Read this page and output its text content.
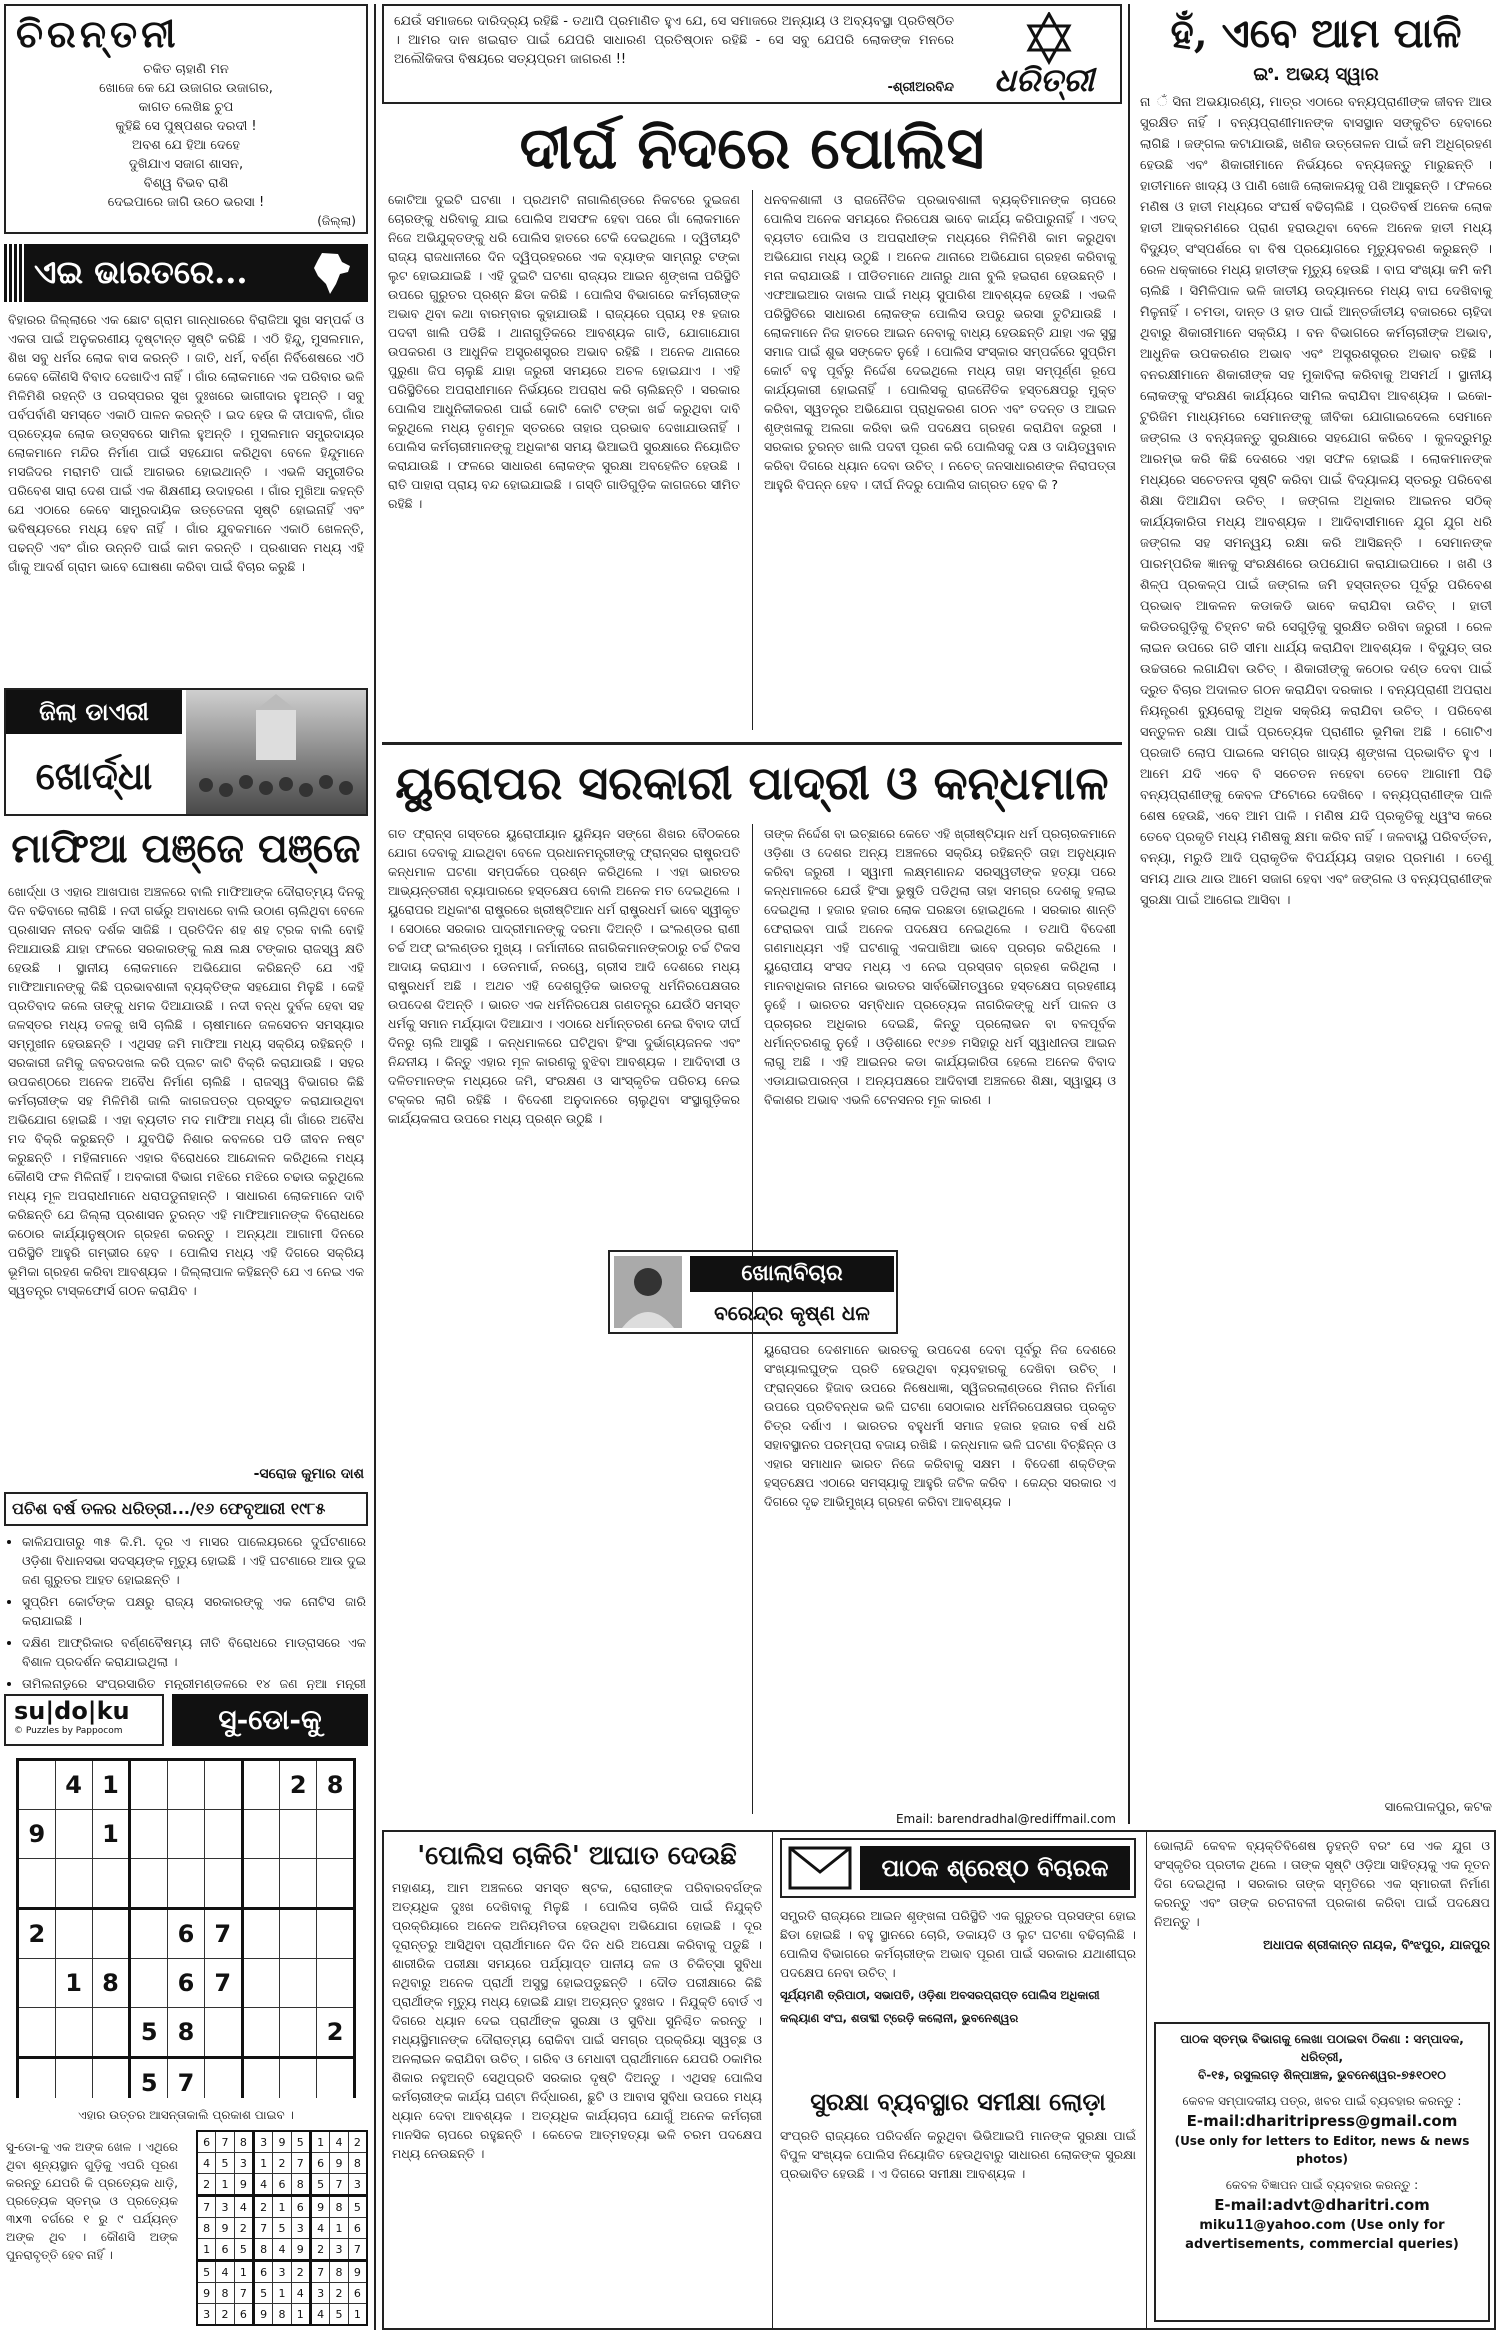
ଚିରନ୍ତନୀ
ଚକିତ ଚାହାଣି ମନ
ଖୋଜେ କେ ଯେ ଉଜାଗର ଉଜାଗର,
କାଗତ ଲେଖିଛ ଚୁପ
କୁହିଛି ସେ ପୁଷ୍ପଶର ଦରଦୀ !
ଅବଶ ଯେ ହିଆ ଦେହେ
ଦୁଖିଯାଏ ସଜାଗ ଶାସନ,
ବିଶ୍ୱ ବିଭବ ରାଶି
ଦେଇପାରେ ଜାଗି ଉଠେ ଭରସା !
(ଜିଲ୍ଲା)
ଏଇ ଭାରତରେ...

ବିହାରର ଜିଲ୍ଲାରେ ଏକ ଛୋଟ ଗ୍ରାମ ଗାନ୍ଧାରରେ ବିରାଜିଆ ସୁଖ ସମ୍ପର୍କ ଓ ଏକତା ପାଇଁ ଅନୁକରଣୀୟ ଦୃଷ୍ଟାନ୍ତ ସୃଷ୍ଟି କରିଛି । ଏଠି ହିନ୍ଦୁ, ମୁସଲମାନ, ଶିଖ ସବୁ ଧର୍ମର ଲୋକ ବାସ କରନ୍ତି । ଜାତି, ଧର୍ମ, ବର୍ଣ୍ଣ ନିର୍ବିଶେଷରେ ଏଠି କେବେ କୌଣସି ବିବାଦ ଦେଖାଦିଏ ନାହିଁ । ଗାଁର ଲୋକମାନେ ଏକ ପରିବାର ଭଳି ମିଳିମିଶି ରହନ୍ତି ଓ ପରସ୍ପରର ସୁଖ ଦୁଃଖରେ ଭାଗୀଦାର ହୁଅନ୍ତି । ସବୁ ପର୍ବପର୍ବାଣି ସମସ୍ତେ ଏକାଠି ପାଳନ କରନ୍ତି । ଇଦ ହେଉ କି ଦୀପାବଳି, ଗାଁର ପ୍ରତ୍ୟେକ ଲୋକ ଉତ୍ସବରେ ସାମିଲ ହୁଅନ୍ତି । ମୁସଲମାନ ସମ୍ପ୍ରଦାୟର ଲୋକମାନେ ମନ୍ଦିର ନିର୍ମାଣ ପାଇଁ ସହଯୋଗ କରିଥିବା ବେଳେ ହିନ୍ଦୁମାନେ ମସଜିଦର ମରାମତି ପାଇଁ ଆଗଭର ହୋଇଥାନ୍ତି । ଏଭଳି ସମ୍ପ୍ରୀତିର ପରିବେଶ ସାରା ଦେଶ ପାଇଁ ଏକ ଶିକ୍ଷଣୀୟ ଉଦାହରଣ । ଗାଁର ମୁଖିଆ କହନ୍ତି ଯେ ଏଠାରେ କେବେ ସାମ୍ପ୍ରଦାୟିକ ଉତ୍ତେଜନା ସୃଷ୍ଟି ହୋଇନାହିଁ ଏବଂ ଭବିଷ୍ୟତରେ ମଧ୍ୟ ହେବ ନାହିଁ । ଗାଁର ଯୁବକମାନେ ଏକାଠି ଖେଳନ୍ତି, ପଢନ୍ତି ଏବଂ ଗାଁର ଉନ୍ନତି ପାଇଁ କାମ କରନ୍ତି । ପ୍ରଶାସନ ମଧ୍ୟ ଏହି ଗାଁକୁ ଆଦର୍ଶ ଗ୍ରାମ ଭାବେ ଘୋଷଣା କରିବା ପାଇଁ ବିଚାର କରୁଛି ।

ଜିଲା ଡାଏରୀ
ଖୋର୍ଦ୍ଧା
ମାଫିଆ ପଞ୍ଜେ ପଞ୍ଜେ

ଖୋର୍ଦ୍ଧା ଓ ଏହାର ଆଖପାଖ ଅଞ୍ଚଳରେ ବାଲି ମାଫିଆଙ୍କ ଦୌରାତ୍ମ୍ୟ ଦିନକୁ ଦିନ ବଢିବାରେ ଲାଗିଛି । ନଦୀ ଗର୍ଭରୁ ଅବାଧରେ ବାଲି ଉଠାଣ ଚାଲିଥିବା ବେଳେ ପ୍ରଶାସନ ନୀରବ ଦର୍ଶକ ସାଜିଛି । ପ୍ରତିଦିନ ଶହ ଶହ ଟ୍ରକ ବାଲି ବୋହି ନିଆଯାଉଛି ଯାହା ଫଳରେ ସରକାରଙ୍କୁ ଲକ୍ଷ ଲକ୍ଷ ଟଙ୍କାର ରାଜସ୍ୱ କ୍ଷତି ହେଉଛି । ସ୍ଥାନୀୟ ଲୋକମାନେ ଅଭିଯୋଗ କରିଛନ୍ତି ଯେ ଏହି ମାଫିଆମାନଙ୍କୁ କିଛି ପ୍ରଭାବଶାଳୀ ବ୍ୟକ୍ତିଙ୍କ ସହଯୋଗ ମିଳୁଛି । କେହି ପ୍ରତିବାଦ କଲେ ତାଙ୍କୁ ଧମକ ଦିଆଯାଉଛି । ନଦୀ ବନ୍ଧ ଦୁର୍ବଳ ହେବା ସହ ଜଳସ୍ତର ମଧ୍ୟ ତଳକୁ ଖସି ଚାଲିଛି । ଚାଷୀମାନେ ଜଳସେଚନ ସମସ୍ୟାର ସମ୍ମୁଖୀନ ହେଉଛନ୍ତି । ଏଥିସହ ଜମି ମାଫିଆ ମଧ୍ୟ ସକ୍ରିୟ ରହିଛନ୍ତି । ସରକାରୀ ଜମିକୁ ଜବରଦଖଲ କରି ପ୍ଲଟ କାଟି ବିକ୍ରି କରାଯାଉଛି । ସହର ଉପକଣ୍ଠରେ ଅନେକ ଅବୈଧ ନିର୍ମାଣ ଚାଲିଛି । ରାଜସ୍ୱ ବିଭାଗର କିଛି କର୍ମଚାରୀଙ୍କ ସହ ମିଳିମିଶି ଜାଲି କାଗଜପତ୍ର ପ୍ରସ୍ତୁତ କରାଯାଉଥିବା ଅଭିଯୋଗ ହୋଇଛି । ଏହା ବ୍ୟତୀତ ମଦ ମାଫିଆ ମଧ୍ୟ ଗାଁ ଗାଁରେ ଅବୈଧ ମଦ ବିକ୍ରି କରୁଛନ୍ତି । ଯୁବପିଢି ନିଶାର କବଳରେ ପଡି ଜୀବନ ନଷ୍ଟ କରୁଛନ୍ତି । ମହିଳାମାନେ ଏହାର ବିରୋଧରେ ଆନ୍ଦୋଳନ କରିଥିଲେ ମଧ୍ୟ କୌଣସି ଫଳ ମିଳିନାହିଁ । ଅବକାରୀ ବିଭାଗ ମଝିରେ ମଝିରେ ଚଢାଉ କରୁଥିଲେ ମଧ୍ୟ ମୂଳ ଅପରାଧୀମାନେ ଧରାପଡୁନାହାନ୍ତି । ସାଧାରଣ ଲୋକମାନେ ଦାବି କରିଛନ୍ତି ଯେ ଜିଲ୍ଲା ପ୍ରଶାସନ ତୁରନ୍ତ ଏହି ମାଫିଆମାନଙ୍କ ବିରୋଧରେ କଠୋର କାର୍ଯ୍ୟାନୁଷ୍ଠାନ ଗ୍ରହଣ କରନ୍ତୁ । ଅନ୍ୟଥା ଆଗାମୀ ଦିନରେ ପରିସ୍ଥିତି ଆହୁରି ଗମ୍ଭୀର ହେବ । ପୋଲିସ ମଧ୍ୟ ଏହି ଦିଗରେ ସକ୍ରିୟ ଭୂମିକା ଗ୍ରହଣ କରିବା ଆବଶ୍ୟକ । ଜିଲ୍ଲାପାଳ କହିଛନ୍ତି ଯେ ଏ ନେଇ ଏକ ସ୍ୱତନ୍ତ୍ର ଟାସ୍କଫୋର୍ସ ଗଠନ କରାଯିବ ।

-ସରୋଜ କୁମାର ଦାଶ
ପଚିଶ ବର୍ଷ ତଳର ଧରିତ୍ରୀ.../୧୬ ଫେବୃଆରୀ ୧୯୮୫
• କାଳିଯପାତାରୁ ୩୫ କି.ମି. ଦୂର ଏ ମାସର ପାଲେୟରରେ ଦୁର୍ଘଟଣାରେ ଓଡ଼ିଶା ବିଧାନସଭା ସଦସ୍ୟଙ୍କ ମୃତ୍ୟୁ ହୋଇଛି । ଏହି ଘଟଣାରେ ଆଉ ଦୁଇ ଜଣ ଗୁରୁତର ଆହତ ହୋଇଛନ୍ତି ।
• ସୁପ୍ରିମ କୋର୍ଟଙ୍କ ପକ୍ଷରୁ ରାଜ୍ୟ ସରକାରଙ୍କୁ ଏକ ନୋଟିସ ଜାରି କରାଯାଇଛି ।
• ଦକ୍ଷିଣ ଆଫ୍ରିକାର ବର୍ଣ୍ଣବୈଷମ୍ୟ ନୀତି ବିରୋଧରେ ମାଡ୍ରାସରେ ଏକ ବିଶାଳ ପ୍ରଦର୍ଶନ କରାଯାଇଥିଲା ।
• ତାମିଲନାଡୁରେ ସଂପ୍ରସାରିତ ମନ୍ତ୍ରୀମଣ୍ଡଳରେ ୧୪ ଜଣ ନୂଆ ମନ୍ତ୍ରୀ
su|do|ku
© Puzzles by Pappocom	ସୁ-ଡୋ-କୁ
	4	1					2	8
9		1						

2				6	7			
	1	8		6	7			
			5	8				2
			5	7				

ଏହାର ଉତ୍ତର ଆସନ୍ତାକାଲି ପ୍ରକାଶ ପାଇବ ।

ସୁ-ଡୋ-କୁ ଏକ ଅଙ୍କ ଖେଳ । ଏଥିରେ ଥିବା ଶୂନ୍ୟସ୍ଥାନ ଗୁଡ଼ିକୁ ଏପରି ପୂରଣ କରନ୍ତୁ ଯେପରି କି ପ୍ରତ୍ୟେକ ଧାଡ଼ି, ପ୍ରତ୍ୟେକ ସ୍ତମ୍ଭ ଓ ପ୍ରତ୍ୟେକ ୩x୩ ବର୍ଗରେ ୧ ରୁ ୯ ପର୍ଯ୍ୟନ୍ତ ଅଙ୍କ ଥିବ । କୌଣସି ଅଙ୍କ ପୁନରାବୃତ୍ତି ହେବ ନାହିଁ ।

6	7	8	3	9	5	1	4	2
4	5	3	1	2	7	6	9	8
2	1	9	4	6	8	5	7	3
7	3	4	2	1	6	9	8	5
8	9	2	7	5	3	4	1	6
1	6	5	8	4	9	2	3	7
5	4	1	6	3	2	7	8	9
9	8	7	5	1	4	3	2	6
3	2	6	9	8	1	4	5	1
ଯେଉଁ ସମାଜରେ ଦାରିଦ୍ର୍ୟ ରହିଛି - ତଥାପି ପ୍ରମାଣିତ ହୁଏ ଯେ, ସେ ସମାଜରେ ଅନ୍ୟାୟ ଓ ଅବ୍ୟବସ୍ଥା ପ୍ରତିଷ୍ଠିତ । ଆମର ଦାନ ଖଇରାତ ପାଇଁ ଯେପରି ସାଧାରଣ ପ୍ରତିଷ୍ଠାନ ରହିଛି - ସେ ସବୁ ଯେପରି ଲୋକଙ୍କ ମନରେ ଅଲୌକିକତା ବିଷୟରେ ସତ୍ୟପ୍ରମ ଜାଗରଣ !!
-ଶ୍ରୀଅରବିନ୍ଦ	ଧରିତ୍ରୀ
ଦୀର୍ଘ ନିଦରେ ପୋଲିସ

କୋଟିଆ ଦୁଇଟି ଘଟଣା । ପ୍ରଥମଟି ନାଗାଲିଣ୍ଡରେ ନିକଟରେ ଦୁଇଜଣ ଚୋରଙ୍କୁ ଧରିବାକୁ ଯାଇ ପୋଲିସ ଅସଫଳ ହେବା ପରେ ଗାଁ ଲୋକମାନେ ନିଜେ ଅଭିଯୁକ୍ତଙ୍କୁ ଧରି ପୋଲିସ ହାତରେ ଟେକି ଦେଇଥିଲେ । ଦ୍ୱିତୀୟଟି ରାଜ୍ୟ ରାଜଧାନୀରେ ଦିନ ଦ୍ୱିପ୍ରହରରେ ଏକ ବ୍ୟାଙ୍କ ସାମ୍ନାରୁ ଟଙ୍କା ଲୁଟ ହୋଇଯାଇଛି । ଏହି ଦୁଇଟି ଘଟଣା ରାଜ୍ୟର ଆଇନ ଶୃଙ୍ଖଳା ପରିସ୍ଥିତି ଉପରେ ଗୁରୁତର ପ୍ରଶ୍ନ ଛିଡା କରିଛି । ପୋଲିସ ବିଭାଗରେ କର୍ମଚାରୀଙ୍କ ଅଭାବ ଥିବା କଥା ବାରମ୍ବାର କୁହାଯାଉଛି । ରାଜ୍ୟରେ ପ୍ରାୟ ୧୫ ହଜାର ପଦବୀ ଖାଲି ପଡିଛି । ଥାନାଗୁଡ଼ିକରେ ଆବଶ୍ୟକ ଗାଡି, ଯୋଗାଯୋଗ ଉପକରଣ ଓ ଆଧୁନିକ ଅସ୍ତ୍ରଶସ୍ତ୍ରର ଅଭାବ ରହିଛି । ଅନେକ ଥାନାରେ ପୁରୁଣା ଜିପ ଚାଲୁଛି ଯାହା ଜରୁରୀ ସମୟରେ ଅଚଳ ହୋଇଯାଏ । ଏହି ପରିସ୍ଥିତିରେ ଅପରାଧୀମାନେ ନିର୍ଭୟରେ ଅପରାଧ କରି ଚାଲିଛନ୍ତି । ସରକାର ପୋଲିସ ଆଧୁନିକୀକରଣ ପାଇଁ କୋଟି କୋଟି ଟଙ୍କା ଖର୍ଚ୍ଚ କରୁଥିବା ଦାବି କରୁଥିଲେ ମଧ୍ୟ ତୃଣମୂଳ ସ୍ତରରେ ତାହାର ପ୍ରଭାବ ଦେଖାଯାଉନାହିଁ । ପୋଲିସ କର୍ମଚାରୀମାନଙ୍କୁ ଅଧିକାଂଶ ସମୟ ଭିଆଇପି ସୁରକ୍ଷାରେ ନିୟୋଜିତ କରାଯାଉଛି । ଫଳରେ ସାଧାରଣ ଲୋକଙ୍କ ସୁରକ୍ଷା ଅବହେଳିତ ହେଉଛି । ରାତି ପାହାରା ପ୍ରାୟ ବନ୍ଦ ହୋଇଯାଇଛି । ଗସ୍ତି ଗାଡିଗୁଡ଼ିକ କାଗଜରେ ସୀମିତ ରହିଛି ।

ଧନବଳଶାଳୀ ଓ ରାଜନୈତିକ ପ୍ରଭାବଶାଳୀ ବ୍ୟକ୍ତିମାନଙ୍କ ଚାପରେ ପୋଲିସ ଅନେକ ସମୟରେ ନିରପେକ୍ଷ ଭାବେ କାର୍ଯ୍ୟ କରିପାରୁନାହିଁ । ଏତଦ୍ ବ୍ୟତୀତ ପୋଲିସ ଓ ଅପରାଧୀଙ୍କ ମଧ୍ୟରେ ମିଳିମିଶି କାମ କରୁଥିବା ଅଭିଯୋଗ ମଧ୍ୟ ଉଠୁଛି । ଅନେକ ଥାନାରେ ଅଭିଯୋଗ ଗ୍ରହଣ କରିବାକୁ ମନା କରାଯାଉଛି । ପୀଡିତମାନେ ଥାନାରୁ ଥାନା ବୁଲି ହଇରାଣ ହେଉଛନ୍ତି । ଏଫଆଇଆର ଦାଖଲ ପାଇଁ ମଧ୍ୟ ସୁପାରିଶ ଆବଶ୍ୟକ ହେଉଛି । ଏଭଳି ପରିସ୍ଥିତିରେ ସାଧାରଣ ଲୋକଙ୍କ ପୋଲିସ ଉପରୁ ଭରସା ତୁଟିଯାଉଛି । ଲୋକମାନେ ନିଜ ହାତରେ ଆଇନ ନେବାକୁ ବାଧ୍ୟ ହେଉଛନ୍ତି ଯାହା ଏକ ସୁସ୍ଥ ସମାଜ ପାଇଁ ଶୁଭ ସଙ୍କେତ ନୁହେଁ । ପୋଲିସ ସଂସ୍କାର ସମ୍ପର୍କରେ ସୁପ୍ରିମ କୋର୍ଟ ବହୁ ପୂର୍ବରୁ ନିର୍ଦ୍ଦେଶ ଦେଇଥିଲେ ମଧ୍ୟ ତାହା ସମ୍ପୂର୍ଣ୍ଣ ରୂପେ କାର୍ଯ୍ୟକାରୀ ହୋଇନାହିଁ । ପୋଲିସକୁ ରାଜନୈତିକ ହସ୍ତକ୍ଷେପରୁ ମୁକ୍ତ କରିବା, ସ୍ୱତନ୍ତ୍ର ଅଭିଯୋଗ ପ୍ରାଧିକରଣ ଗଠନ ଏବଂ ତଦନ୍ତ ଓ ଆଇନ ଶୃଙ୍ଖଳାକୁ ଅଲଗା କରିବା ଭଳି ପଦକ୍ଷେପ ଗ୍ରହଣ କରାଯିବା ଜରୁରୀ । ସରକାର ତୁରନ୍ତ ଖାଲି ପଦବୀ ପୂରଣ କରି ପୋଲିସକୁ ଦକ୍ଷ ଓ ଦାୟିତ୍ୱବାନ କରିବା ଦିଗରେ ଧ୍ୟାନ ଦେବା ଉଚିତ୍ । ନଚେତ୍ ଜନସାଧାରଣଙ୍କ ନିରାପତ୍ତା ଆହୁରି ବିପନ୍ନ ହେବ । ଦୀର୍ଘ ନିଦରୁ ପୋଲିସ ଜାଗ୍ରତ ହେବ କି ?

ୟୁରୋପର ସରକାରୀ ପାଦ୍ରୀ ଓ କନ୍ଧମାଳ

ଗତ ଫ୍ରାନ୍ସ ଗସ୍ତରେ ୟୁରୋପୀୟାନ ୟୁନିୟନ ସଙ୍ଗେ ଶିଖର ବୈଠକରେ ଯୋଗ ଦେବାକୁ ଯାଇଥିବା ବେଳେ ପ୍ରଧାନମନ୍ତ୍ରୀଙ୍କୁ ଫ୍ରାନ୍ସର ରାଷ୍ଟ୍ରପତି କନ୍ଧମାଳ ଘଟଣା ସମ୍ପର୍କରେ ପ୍ରଶ୍ନ କରିଥିଲେ । ଏହା ଭାରତର ଆଭ୍ୟନ୍ତରୀଣ ବ୍ୟାପାରରେ ହସ୍ତକ୍ଷେପ ବୋଲି ଅନେକ ମତ ଦେଇଥିଲେ । ୟୁରୋପର ଅଧିକାଂଶ ରାଷ୍ଟ୍ରରେ ଖ୍ରୀଷ୍ଟିଆନ ଧର୍ମ ରାଷ୍ଟ୍ରଧର୍ମ ଭାବେ ସ୍ୱୀକୃତ । ସେଠାରେ ସରକାର ପାଦ୍ରୀମାନଙ୍କୁ ଦରମା ଦିଅନ୍ତି । ଇଂଲଣ୍ଡର ରାଣୀ ଚର୍ଚ୍ଚ ଅଫ୍ ଇଂଲଣ୍ଡର ମୁଖ୍ୟ । ଜର୍ମାନୀରେ ନାଗରିକମାନଙ୍କଠାରୁ ଚର୍ଚ୍ଚ ଟିକସ ଆଦାୟ କରାଯାଏ । ଡେନମାର୍କ, ନରୱେ, ଗ୍ରୀସ ଆଦି ଦେଶରେ ମଧ୍ୟ ରାଷ୍ଟ୍ରଧର୍ମ ଅଛି । ଅଥଚ ଏହି ଦେଶଗୁଡ଼ିକ ଭାରତକୁ ଧର୍ମନିରପେକ୍ଷତାର ଉପଦେଶ ଦିଅନ୍ତି । ଭାରତ ଏକ ଧର୍ମନିରପେକ୍ଷ ଗଣତନ୍ତ୍ର ଯେଉଁଠି ସମସ୍ତ ଧର୍ମକୁ ସମାନ ମର୍ଯ୍ୟାଦା ଦିଆଯାଏ । ଏଠାରେ ଧର୍ମାନ୍ତରଣ ନେଇ ବିବାଦ ଦୀର୍ଘ ଦିନରୁ ଚାଲି ଆସୁଛି । କନ୍ଧମାଳରେ ଘଟିଥିବା ହିଂସା ଦୁର୍ଭାଗ୍ୟଜନକ ଏବଂ ନିନ୍ଦନୀୟ । କିନ୍ତୁ ଏହାର ମୂଳ କାରଣକୁ ବୁଝିବା ଆବଶ୍ୟକ । ଆଦିବାସୀ ଓ ଦଳିତମାନଙ୍କ ମଧ୍ୟରେ ଜମି, ସଂରକ୍ଷଣ ଓ ସାଂସ୍କୃତିକ ପରିଚୟ ନେଇ ଟକ୍କର ଲାଗି ରହିଛି । ବିଦେଶୀ ଅନୁଦାନରେ ଚାଲୁଥିବା ସଂସ୍ଥାଗୁଡ଼ିକର କାର୍ଯ୍ୟକଳାପ ଉପରେ ମଧ୍ୟ ପ୍ରଶ୍ନ ଉଠୁଛି ।

ତାଙ୍କ ନିର୍ଦ୍ଦେଶ ବା ଇଚ୍ଛାରେ କେତେ ଏହି ଖ୍ରୀଷ୍ଟିୟାନ ଧର୍ମ ପ୍ରଚାରକମାନେ ଓଡ଼ିଶା ଓ ଦେଶର ଅନ୍ୟ ଅଞ୍ଚଳରେ ସକ୍ରିୟ ରହିଛନ୍ତି ତାହା ଅନୁଧ୍ୟାନ କରିବା ଜରୁରୀ । ସ୍ୱାମୀ ଲକ୍ଷ୍ମଣାନନ୍ଦ ସରସ୍ୱତୀଙ୍କ ହତ୍ୟା ପରେ କନ୍ଧମାଳରେ ଯେଉଁ ହିଂସା ଭୁଷୁଡି ପଡିଥିଲା ତାହା ସମଗ୍ର ଦେଶକୁ ହଲାଇ ଦେଇଥିଲା । ହଜାର ହଜାର ଲୋକ ଘରଛଡା ହୋଇଥିଲେ । ସରକାର ଶାନ୍ତି ଫେରାଇବା ପାଇଁ ଅନେକ ପଦକ୍ଷେପ ନେଇଥିଲେ । ତଥାପି ବିଦେଶୀ ଗଣମାଧ୍ୟମ ଏହି ଘଟଣାକୁ ଏକପାଖିଆ ଭାବେ ପ୍ରଚାର କରିଥିଲେ । ୟୁରୋପୀୟ ସଂସଦ ମଧ୍ୟ ଏ ନେଇ ପ୍ରସ୍ତାବ ଗ୍ରହଣ କରିଥିଲା । ମାନବାଧିକାର ନାମରେ ଭାରତର ସାର୍ବଭୌମତ୍ୱରେ ହସ୍ତକ୍ଷେପ ଗ୍ରହଣୀୟ ନୁହେଁ । ଭାରତର ସମ୍ବିଧାନ ପ୍ରତ୍ୟେକ ନାଗରିକଙ୍କୁ ଧର୍ମ ପାଳନ ଓ ପ୍ରଚାରର ଅଧିକାର ଦେଇଛି, କିନ୍ତୁ ପ୍ରଲୋଭନ ବା ବଳପୂର୍ବକ ଧର୍ମାନ୍ତରଣକୁ ନୁହେଁ । ଓଡ଼ିଶାରେ ୧୯୬୭ ମସିହାରୁ ଧର୍ମ ସ୍ୱାଧୀନତା ଆଇନ ଲାଗୁ ଅଛି । ଏହି ଆଇନର କଡା କାର୍ଯ୍ୟକାରିତା ହେଲେ ଅନେକ ବିବାଦ ଏଡାଯାଇପାରନ୍ତା । ଅନ୍ୟପକ୍ଷରେ ଆଦିବାସୀ ଅଞ୍ଚଳରେ ଶିକ୍ଷା, ସ୍ୱାସ୍ଥ୍ୟ ଓ ବିକାଶର ଅଭାବ ଏଭଳି ଟେନସନର ମୂଳ କାରଣ ।

ଖୋଲାବିଚାର
ବରେନ୍ଦ୍ର କୃଷ୍ଣ ଧଳ

ୟୁରୋପର ଦେଶମାନେ ଭାରତକୁ ଉପଦେଶ ଦେବା ପୂର୍ବରୁ ନିଜ ଦେଶରେ ସଂଖ୍ୟାଲଘୁଙ୍କ ପ୍ରତି ହେଉଥିବା ବ୍ୟବହାରକୁ ଦେଖିବା ଉଚିତ୍ । ଫ୍ରାନ୍ସରେ ହିଜାବ ଉପରେ ନିଷେଧାଜ୍ଞା, ସ୍ୱିଜରଲାଣ୍ଡରେ ମିନାର ନିର୍ମାଣ ଉପରେ ପ୍ରତିବନ୍ଧକ ଭଳି ଘଟଣା ସେଠାକାର ଧର୍ମନିରପେକ୍ଷତାର ପ୍ରକୃତ ଚିତ୍ର ଦର୍ଶାଏ । ଭାରତର ବହୁଧର୍ମୀ ସମାଜ ହଜାର ହଜାର ବର୍ଷ ଧରି ସହାବସ୍ଥାନର ପରମ୍ପରା ବଜାୟ ରଖିଛି । କନ୍ଧମାଳ ଭଳି ଘଟଣା ବିଚ୍ଛିନ୍ନ ଓ ଏହାର ସମାଧାନ ଭାରତ ନିଜେ କରିବାକୁ ସକ୍ଷମ । ବିଦେଶୀ ଶକ୍ତିଙ୍କ ହସ୍ତକ୍ଷେପ ଏଠାରେ ସମସ୍ୟାକୁ ଆହୁରି ଜଟିଳ କରିବ । କେନ୍ଦ୍ର ସରକାର ଏ ଦିଗରେ ଦୃଢ ଆଭିମୁଖ୍ୟ ଗ୍ରହଣ କରିବା ଆବଶ୍ୟକ ।

Email: barendradhal@rediffmail.com
ହଁ, ଏବେ ଆମ ପାଳି
ଇଂ. ଅଭୟ ସ୍ୱାର

ନା ଁ ସିନା ଅଭୟାରଣ୍ୟ, ମାତ୍ର ଏଠାରେ ବନ୍ୟପ୍ରାଣୀଙ୍କ ଜୀବନ ଆଉ ସୁରକ୍ଷିତ ନାହିଁ । ବନ୍ୟପ୍ରାଣୀମାନଙ୍କ ବାସସ୍ଥାନ ସଙ୍କୁଚିତ ହେବାରେ ଲାଗିଛି । ଜଙ୍ଗଲ କଟାଯାଉଛି, ଖଣିଜ ଉତ୍ତୋଳନ ପାଇଁ ଜମି ଅଧିଗ୍ରହଣ ହେଉଛି ଏବଂ ଶିକାରୀମାନେ ନିର୍ଭୟରେ ବନ୍ୟଜନ୍ତୁ ମାରୁଛନ୍ତି । ହାତୀମାନେ ଖାଦ୍ୟ ଓ ପାଣି ଖୋଜି ଲୋକାଳୟକୁ ପଶି ଆସୁଛନ୍ତି । ଫଳରେ ମଣିଷ ଓ ହାତୀ ମଧ୍ୟରେ ସଂଘର୍ଷ ବଢିଚାଲିଛି । ପ୍ରତିବର୍ଷ ଅନେକ ଲୋକ ହାତୀ ଆକ୍ରମଣରେ ପ୍ରାଣ ହରାଉଥିବା ବେଳେ ଅନେକ ହାତୀ ମଧ୍ୟ ବିଦ୍ୟୁତ୍ ସଂସ୍ପର୍ଶରେ ବା ବିଷ ପ୍ରୟୋଗରେ ମୃତ୍ୟୁବରଣ କରୁଛନ୍ତି । ରେଳ ଧକ୍କାରେ ମଧ୍ୟ ହାତୀଙ୍କ ମୃତ୍ୟୁ ହେଉଛି । ବାଘ ସଂଖ୍ୟା କମି କମି ଚାଲିଛି । ସିମିଳିପାଳ ଭଳି ଜାତୀୟ ଉଦ୍ୟାନରେ ମଧ୍ୟ ବାଘ ଦେଖିବାକୁ ମିଳୁନାହିଁ । ଚମଡା, ଦାନ୍ତ ଓ ହାଡ ପାଇଁ ଆନ୍ତର୍ଜାତୀୟ ବଜାରରେ ଚାହିଦା ଥିବାରୁ ଶିକାରୀମାନେ ସକ୍ରିୟ । ବନ ବିଭାଗରେ କର୍ମଚାରୀଙ୍କ ଅଭାବ, ଆଧୁନିକ ଉପକରଣର ଅଭାବ ଏବଂ ଅସ୍ତ୍ରଶସ୍ତ୍ରର ଅଭାବ ରହିଛି । ବନରକ୍ଷୀମାନେ ଶିକାରୀଙ୍କ ସହ ମୁକାବିଲା କରିବାକୁ ଅସମର୍ଥ । ସ୍ଥାନୀୟ ଲୋକଙ୍କୁ ସଂରକ୍ଷଣ କାର୍ଯ୍ୟରେ ସାମିଲ କରାଯିବା ଆବଶ୍ୟକ । ଇକୋ-ଟୁରିଜିମ ମାଧ୍ୟମରେ ସେମାନଙ୍କୁ ଜୀବିକା ଯୋଗାଇଦେଲେ ସେମାନେ ଜଙ୍ଗଲ ଓ ବନ୍ୟଜନ୍ତୁ ସୁରକ୍ଷାରେ ସହଯୋଗ କରିବେ । କୁଳଦ୍ରୁମରୁ ଆରମ୍ଭ କରି କିଛି ଦେଶରେ ଏହା ସଫଳ ହୋଇଛି । ଲୋକମାନଙ୍କ ମଧ୍ୟରେ ସଚେତନତା ସୃଷ୍ଟି କରିବା ପାଇଁ ବିଦ୍ୟାଳୟ ସ୍ତରରୁ ପରିବେଶ ଶିକ୍ଷା ଦିଆଯିବା ଉଚିତ୍ । ଜଙ୍ଗଲ ଅଧିକାର ଆଇନର ସଠିକ୍ କାର୍ଯ୍ୟକାରିତା ମଧ୍ୟ ଆବଶ୍ୟକ । ଆଦିବାସୀମାନେ ଯୁଗ ଯୁଗ ଧରି ଜଙ୍ଗଲ ସହ ସମନ୍ୱୟ ରକ୍ଷା କରି ଆସିଛନ୍ତି । ସେମାନଙ୍କ ପାରମ୍ପରିକ ଜ୍ଞାନକୁ ସଂରକ୍ଷଣରେ ଉପଯୋଗ କରାଯାଇପାରେ । ଖଣି ଓ ଶିଳ୍ପ ପ୍ରକଳ୍ପ ପାଇଁ ଜଙ୍ଗଲ ଜମି ହସ୍ତାନ୍ତର ପୂର୍ବରୁ ପରିବେଶ ପ୍ରଭାବ ଆକଳନ କଡାକଡି ଭାବେ କରାଯିବା ଉଚିତ୍ । ହାତୀ କରିଡରଗୁଡ଼ିକୁ ଚିହ୍ନଟ କରି ସେଗୁଡ଼ିକୁ ସୁରକ୍ଷିତ ରଖିବା ଜରୁରୀ । ରେଳ ଲାଇନ ଉପରେ ଗତି ସୀମା ଧାର୍ଯ୍ୟ କରାଯିବା ଆବଶ୍ୟକ । ବିଦ୍ୟୁତ୍ ତାର ଉଚ୍ଚତାରେ ଲଗାଯିବା ଉଚିତ୍ । ଶିକାରୀଙ୍କୁ କଠୋର ଦଣ୍ଡ ଦେବା ପାଇଁ ଦ୍ରୁତ ବିଚାର ଅଦାଲତ ଗଠନ କରାଯିବା ଦରକାର । ବନ୍ୟପ୍ରାଣୀ ଅପରାଧ ନିୟନ୍ତ୍ରଣ ବ୍ୟୁରୋକୁ ଅଧିକ ସକ୍ରିୟ କରାଯିବା ଉଚିତ୍ । ପରିବେଶ ସନ୍ତୁଳନ ରକ୍ଷା ପାଇଁ ପ୍ରତ୍ୟେକ ପ୍ରାଣୀର ଭୂମିକା ଅଛି । ଗୋଟିଏ ପ୍ରଜାତି ଲୋପ ପାଇଲେ ସମଗ୍ର ଖାଦ୍ୟ ଶୃଙ୍ଖଳା ପ୍ରଭାବିତ ହୁଏ । ଆମେ ଯଦି ଏବେ ବି ସଚେତନ ନହେବା ତେବେ ଆଗାମୀ ପିଢି ବନ୍ୟପ୍ରାଣୀଙ୍କୁ କେବଳ ଫଟୋରେ ଦେଖିବେ । ବନ୍ୟପ୍ରାଣୀଙ୍କ ପାଳି ଶେଷ ହେଉଛି, ଏବେ ଆମ ପାଳି । ମଣିଷ ଯଦି ପ୍ରକୃତିକୁ ଧ୍ୱଂସ କରେ ତେବେ ପ୍ରକୃତି ମଧ୍ୟ ମଣିଷକୁ କ୍ଷମା କରିବ ନାହିଁ । ଜଳବାୟୁ ପରିବର୍ତ୍ତନ, ବନ୍ୟା, ମରୁଡି ଆଦି ପ୍ରାକୃତିକ ବିପର୍ଯ୍ୟୟ ତାହାର ପ୍ରମାଣ । ତେଣୁ ସମୟ ଥାଉ ଥାଉ ଆମେ ସଜାଗ ହେବା ଏବଂ ଜଙ୍ଗଲ ଓ ବନ୍ୟପ୍ରାଣୀଙ୍କ ସୁରକ୍ଷା ପାଇଁ ଆଗେଇ ଆସିବା ।

ସାଲେପାଳପୁର, କଟକ
'ପୋଲିସ ଚାକିରି' ଆଘାତ ଦେଉଛି

ମହାଶୟ, ଆମ ଅଞ୍ଚଳରେ ସମସ୍ତ ଷ୍ଟକ, ରୋଗୀଙ୍କ ପରିବାରବର୍ଗଙ୍କ ଅତ୍ୟଧିକ ଦୁଃଖ ଦେଖିବାକୁ ମିଳୁଛି । ପୋଲିସ ଚାକିରି ପାଇଁ ନିଯୁକ୍ତି ପ୍ରକ୍ରିୟାରେ ଅନେକ ଅନିୟମିତତା ହେଉଥିବା ଅଭିଯୋଗ ହୋଇଛି । ଦୂର ଦୂରାନ୍ତରୁ ଆସିଥିବା ପ୍ରାର୍ଥୀମାନେ ଦିନ ଦିନ ଧରି ଅପେକ୍ଷା କରିବାକୁ ପଡୁଛି । ଶାରୀରିକ ପରୀକ୍ଷା ସମୟରେ ପର୍ଯ୍ୟାପ୍ତ ପାନୀୟ ଜଳ ଓ ଚିକିତ୍ସା ସୁବିଧା ନଥିବାରୁ ଅନେକ ପ୍ରାର୍ଥୀ ଅସୁସ୍ଥ ହୋଇପଡୁଛନ୍ତି । ଦୌଡ ପରୀକ୍ଷାରେ କିଛି ପ୍ରାର୍ଥୀଙ୍କ ମୃତ୍ୟୁ ମଧ୍ୟ ହୋଇଛି ଯାହା ଅତ୍ୟନ୍ତ ଦୁଃଖଦ । ନିଯୁକ୍ତି ବୋର୍ଡ ଏ ଦିଗରେ ଧ୍ୟାନ ଦେଇ ପ୍ରାର୍ଥୀଙ୍କ ସୁରକ୍ଷା ଓ ସୁବିଧା ସୁନିଶ୍ଚିତ କରନ୍ତୁ । ମଧ୍ୟସ୍ଥିମାନଙ୍କ ଦୌରାତ୍ମ୍ୟ ରୋକିବା ପାଇଁ ସମଗ୍ର ପ୍ରକ୍ରିୟା ସ୍ୱଚ୍ଛ ଓ ଅନଲାଇନ କରାଯିବା ଉଚିତ୍ । ଗରିବ ଓ ମେଧାବୀ ପ୍ରାର୍ଥୀମାନେ ଯେପରି ଠକାମିର ଶିକାର ନହୁଅନ୍ତି ସେଥିପ୍ରତି ସରକାର ଦୃଷ୍ଟି ଦିଅନ୍ତୁ । ଏଥିସହ ପୋଲିସ କର୍ମଚାରୀଙ୍କ କାର୍ଯ୍ୟ ଘଣ୍ଟା ନିର୍ଦ୍ଧାରଣ, ଛୁଟି ଓ ଆବାସ ସୁବିଧା ଉପରେ ମଧ୍ୟ ଧ୍ୟାନ ଦେବା ଆବଶ୍ୟକ । ଅତ୍ୟଧିକ କାର୍ଯ୍ୟଚାପ ଯୋଗୁଁ ଅନେକ କର୍ମଚାରୀ ମାନସିକ ଚାପରେ ରହୁଛନ୍ତି । କେତେକ ଆତ୍ମହତ୍ୟା ଭଳି ଚରମ ପଦକ୍ଷେପ ମଧ୍ୟ ନେଉଛନ୍ତି ।

ପାଠକ ଶ୍ରେଷ୍ଠ ବିଚାରକ

ସମ୍ପ୍ରତି ରାଜ୍ୟରେ ଆଇନ ଶୃଙ୍ଖଳା ପରିସ୍ଥିତି ଏକ ଗୁରୁତର ପ୍ରସଙ୍ଗ ହୋଇ ଛିଡା ହୋଇଛି । ବହୁ ସ୍ଥାନରେ ଚୋରି, ଡକାୟତି ଓ ଲୁଟ ଘଟଣା ବଢିଚାଲିଛି । ପୋଲିସ ବିଭାଗରେ କର୍ମଚାରୀଙ୍କ ଅଭାବ ପୂରଣ ପାଇଁ ସରକାର ଯଥାଶୀଘ୍ର ପଦକ୍ଷେପ ନେବା ଉଚିତ୍ ।

ସୂର୍ଯ୍ୟମଣି ତ୍ରିପାଠୀ, ସଭାପତି, ଓଡ଼ିଶା ଅବସରପ୍ରାପ୍ତ ପୋଲିସ ଅଧିକାରୀ

କଲ୍ୟାଣ ସଂଘ, ଶତାବ୍ଦୀ ଟ୍ରେଡ଼ି କଲୋନୀ, ଭୁବନେଶ୍ୱର

ସୁରକ୍ଷା ବ୍ୟବସ୍ଥାର ସମୀକ୍ଷା ଲୋଡ଼ା

ସଂପ୍ରତି ରାଜ୍ୟରେ ପରିଦର୍ଶନ କରୁଥିବା ଭିଭିଆଇପି ମାନଙ୍କ ସୁରକ୍ଷା ପାଇଁ ବିପୁଳ ସଂଖ୍ୟକ ପୋଲିସ ନିୟୋଜିତ ହେଉଥିବାରୁ ସାଧାରଣ ଲୋକଙ୍କ ସୁରକ୍ଷା ପ୍ରଭାବିତ ହେଉଛି । ଏ ଦିଗରେ ସମୀକ୍ଷା ଆବଶ୍ୟକ ।

ଭୋଲାନ୍ଦି କେବଳ ବ୍ୟକ୍ତିବିଶେଷ ନୁହନ୍ତି ବରଂ ସେ ଏକ ଯୁଗ ଓ ସଂସ୍କୃତିର ପ୍ରତୀକ ଥିଲେ । ତାଙ୍କ ସୃଷ୍ଟି ଓଡ଼ିଆ ସାହିତ୍ୟକୁ ଏକ ନୂତନ ଦିଗ ଦେଇଥିଲା । ସରକାର ତାଙ୍କ ସ୍ମୃତିରେ ଏକ ସ୍ମାରକୀ ନିର୍ମାଣ କରନ୍ତୁ ଏବଂ ତାଙ୍କ ରଚନାବଳୀ ପ୍ରକାଶ କରିବା ପାଇଁ ପଦକ୍ଷେପ ନିଅନ୍ତୁ ।

ଅଧାପକ ଶ୍ରୀକାନ୍ତ ନାୟକ, ବିଂଝପୁର, ଯାଜପୁର

ପାଠକ ସ୍ତମ୍ଭ ବିଭାଗକୁ ଲେଖା ପଠାଇବା ଠିକଣା : ସମ୍ପାଦକ, ଧରିତ୍ରୀ,
ବି-୧୫, ରସୁଲଗଡ଼ ଶିଳ୍ପାଞ୍ଚଳ, ଭୁବନେଶ୍ୱର-୭୫୧୦୧୦
କେବଳ ସମ୍ପାଦକୀୟ ପତ୍ର, ଖବର ପାଇଁ ବ୍ୟବହାର କରନ୍ତୁ :
E-mail:dharitripress@gmail.com
(Use only for letters to Editor, news & news photos)
କେବଳ ବିଜ୍ଞାପନ ପାଇଁ ବ୍ୟବହାର କରନ୍ତୁ :
E-mail:advt@dharitri.com
miku11@yahoo.com (Use only for advertisements, commercial queries)
